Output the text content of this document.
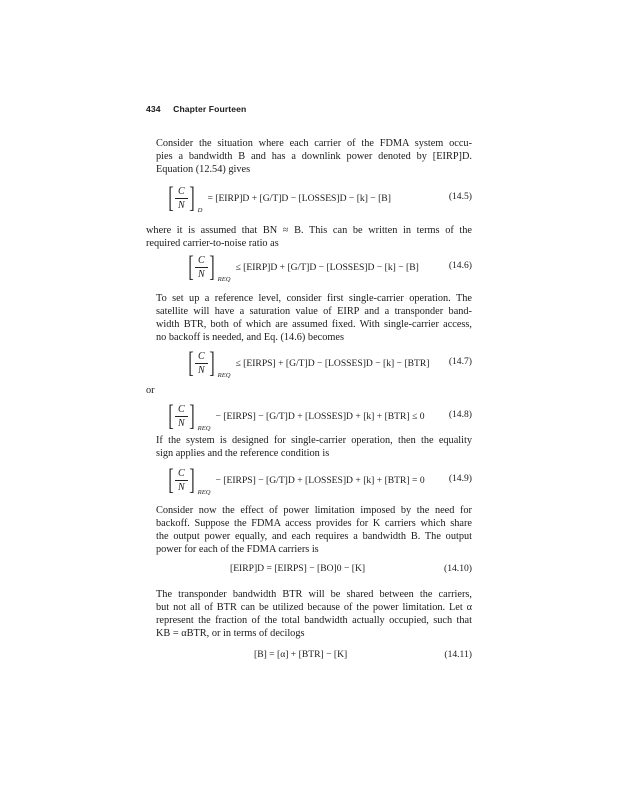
434 Chapter Fourteen
Consider the situation where each carrier of the FDMA system occu-
pies a bandwidth B and has a downlink power denoted by [EIRP]D.
Equation (12.54) gives
[ $\frac{C}{N}$ ] D
= [EIRP]D + [G/T]D − [LOSSES]D − [k] − [B]	(14.5)
where it is assumed that BN ≈ B. This can be written in terms of the
required carrier-to-noise ratio as
[ $\frac{C}{N}$ ] REQ
≤ [EIRP]D + [G/T]D − [LOSSES]D − [k] − [B]	(14.6)
To set up a reference level, consider first single-carrier operation. The
satellite will have a saturation value of EIRP and a transponder band-
width BTR, both of which are assumed fixed. With single-carrier access,
no backoff is needed, and Eq. (14.6) becomes
[ $\frac{C}{N}$ ] REQ
≤ [EIRPS] + [G/T]D − [LOSSES]D − [k] − [BTR] (14.7)
or
[ $\frac{C}{N}$ ] REQ
− [EIRPS] − [G/T]D + [LOSSES]D + [k] + [BTR] ≤ 0	(14.8)
If the system is designed for single-carrier operation, then the equality
sign applies and the reference condition is
[ $\frac{C}{N}$ ] REQ
− [EIRPS] − [G/T]D + [LOSSES]D + [k] + [BTR] = 0	(14.9)
Consider now the effect of power limitation imposed by the need for
backoff. Suppose the FDMA access provides for K carriers which share
the output power equally, and each requires a bandwidth B. The output
power for each of the FDMA carriers is
[EIRP]D = [EIRPS] − [BO]0 − [K]	(14.10)
The transponder bandwidth BTR will be shared between the carriers,
but not all of BTR can be utilized because of the power limitation. Let α
represent the fraction of the total bandwidth actually occupied, such that
KB = αBTR, or in terms of decilogs
[B] = [α] + [BTR] − [K]	(14.11)
